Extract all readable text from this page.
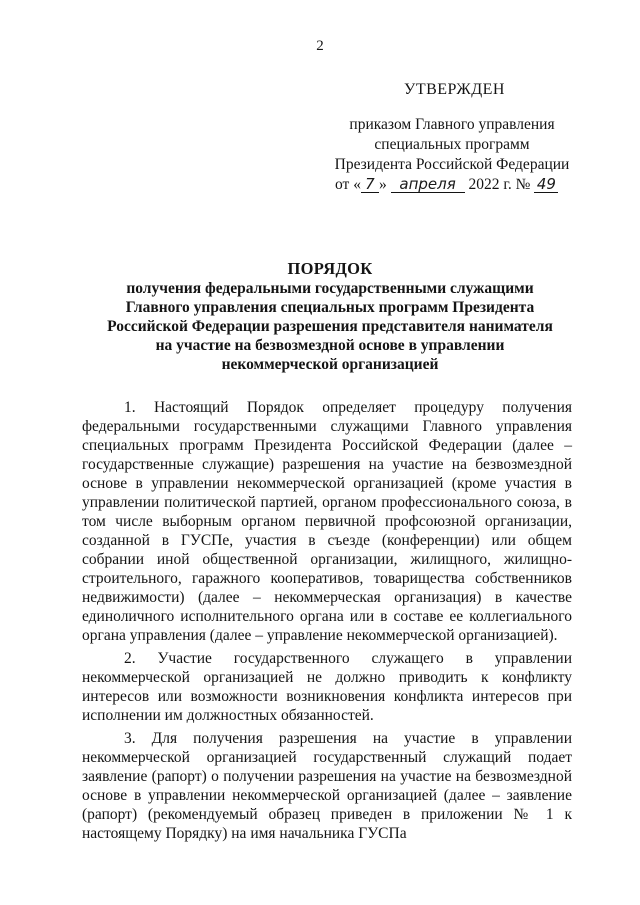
2
УТВЕРЖДЕН
приказом Главного управления
специальных программ
Президента Российской Федерации
от « 7 » апреля 2022 г. № 49
ПОРЯДОК
получения федеральными государственными служащими
Главного управления специальных программ Президента
Российской Федерации разрешения представителя нанимателя
на участие на безвозмездной основе в управлении
некоммерческой организацией

1. Настоящий Порядок определяет процедуру получения федеральными государственными служащими Главного управления специальных программ Президента Российской Федерации (далее – государственные служащие) разрешения на участие на безвозмездной основе в управлении некоммерческой организацией (кроме участия в управлении политической партией, органом профессионального союза, в том числе выборным органом первичной профсоюзной организации, созданной в ГУСПе, участия в съезде (конференции) или общем собрании иной общественной организации, жилищного, жилищно-строительного, гаражного кооперативов, товарищества собственников недвижимости) (далее – некоммерческая организация) в качестве единоличного исполнительного органа или в составе ее коллегиального органа управления (далее – управление некоммерческой организацией).

2. Участие государственного служащего в управлении некоммерческой организацией не должно приводить к конфликту интересов или возможности возникновения конфликта интересов при исполнении им должностных обязанностей.

3. Для получения разрешения на участие в управлении некоммерческой организацией государственный служащий подает заявление (рапорт) о получении разрешения на участие на безвозмездной основе в управлении некоммерческой организацией (далее – заявление (рапорт) (рекомендуемый образец приведен в приложении № 1 к настоящему Порядку) на имя начальника ГУСПа
